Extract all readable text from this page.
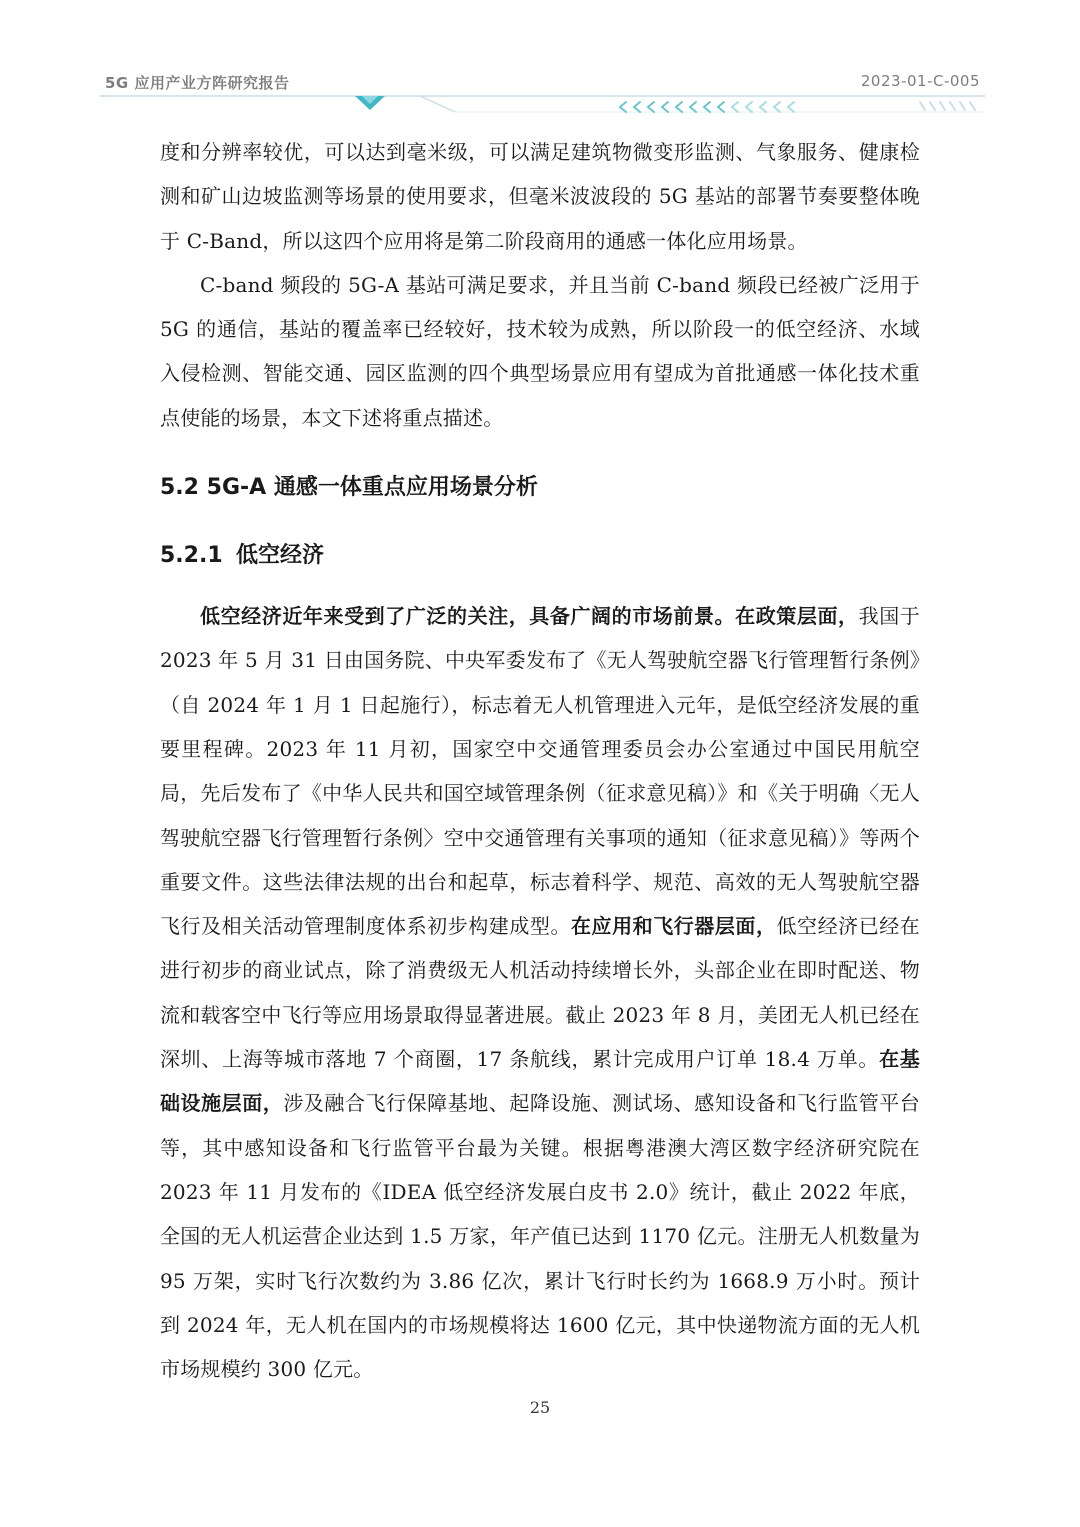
5G 应用产业方阵研究报告	2023-01-C-005

度和分辨率较优，可以达到毫米级，可以满足建筑物微变形监测、气象服务、健康检测和矿山边坡监测等场景的使用要求，但毫米波波段的 5G 基站的部署节奏要整体晚于 C-Band，所以这四个应用将是第二阶段商用的通感一体化应用场景。

C-band 频段的 5G-A 基站可满足要求，并且当前 C-band 频段已经被广泛用于 5G 的通信，基站的覆盖率已经较好，技术较为成熟，所以阶段一的低空经济、水域入侵检测、智能交通、园区监测的四个典型场景应用有望成为首批通感一体化技术重点使能的场景，本文下述将重点描述。

5.2 5G-A 通感一体重点应用场景分析
5.2.1 低空经济

低空经济近年来受到了广泛的关注，具备广阔的市场前景。在政策层面，我国于 2023 年 5 月 31 日由国务院、中央军委发布了《无人驾驶航空器飞行管理暂行条例》（自 2024 年 1 月 1 日起施行），标志着无人机管理进入元年，是低空经济发展的重要里程碑。2023 年 11 月初，国家空中交通管理委员会办公室通过中国民用航空局，先后发布了《中华人民共和国空域管理条例（征求意见稿）》和《关于明确〈无人驾驶航空器飞行管理暂行条例〉空中交通管理有关事项的通知（征求意见稿）》等两个重要文件。这些法律法规的出台和起草，标志着科学、规范、高效的无人驾驶航空器飞行及相关活动管理制度体系初步构建成型。在应用和飞行器层面，低空经济已经在进行初步的商业试点，除了消费级无人机活动持续增长外，头部企业在即时配送、物流和载客空中飞行等应用场景取得显著进展。截止 2023 年 8 月，美团无人机已经在深圳、上海等城市落地 7 个商圈，17 条航线，累计完成用户订单 18.4 万单。在基础设施层面，涉及融合飞行保障基地、起降设施、测试场、感知设备和飞行监管平台等，其中感知设备和飞行监管平台最为关键。根据粤港澳大湾区数字经济研究院在 2023 年 11 月发布的《IDEA 低空经济发展白皮书 2.0》统计，截止 2022 年底，全国的无人机运营企业达到 1.5 万家，年产值已达到 1170 亿元。注册无人机数量为 95 万架，实时飞行次数约为 3.86 亿次，累计飞行时长约为 1668.9 万小时。预计到 2024 年，无人机在国内的市场规模将达 1600 亿元，其中快递物流方面的无人机市场规模约 300 亿元。

25
